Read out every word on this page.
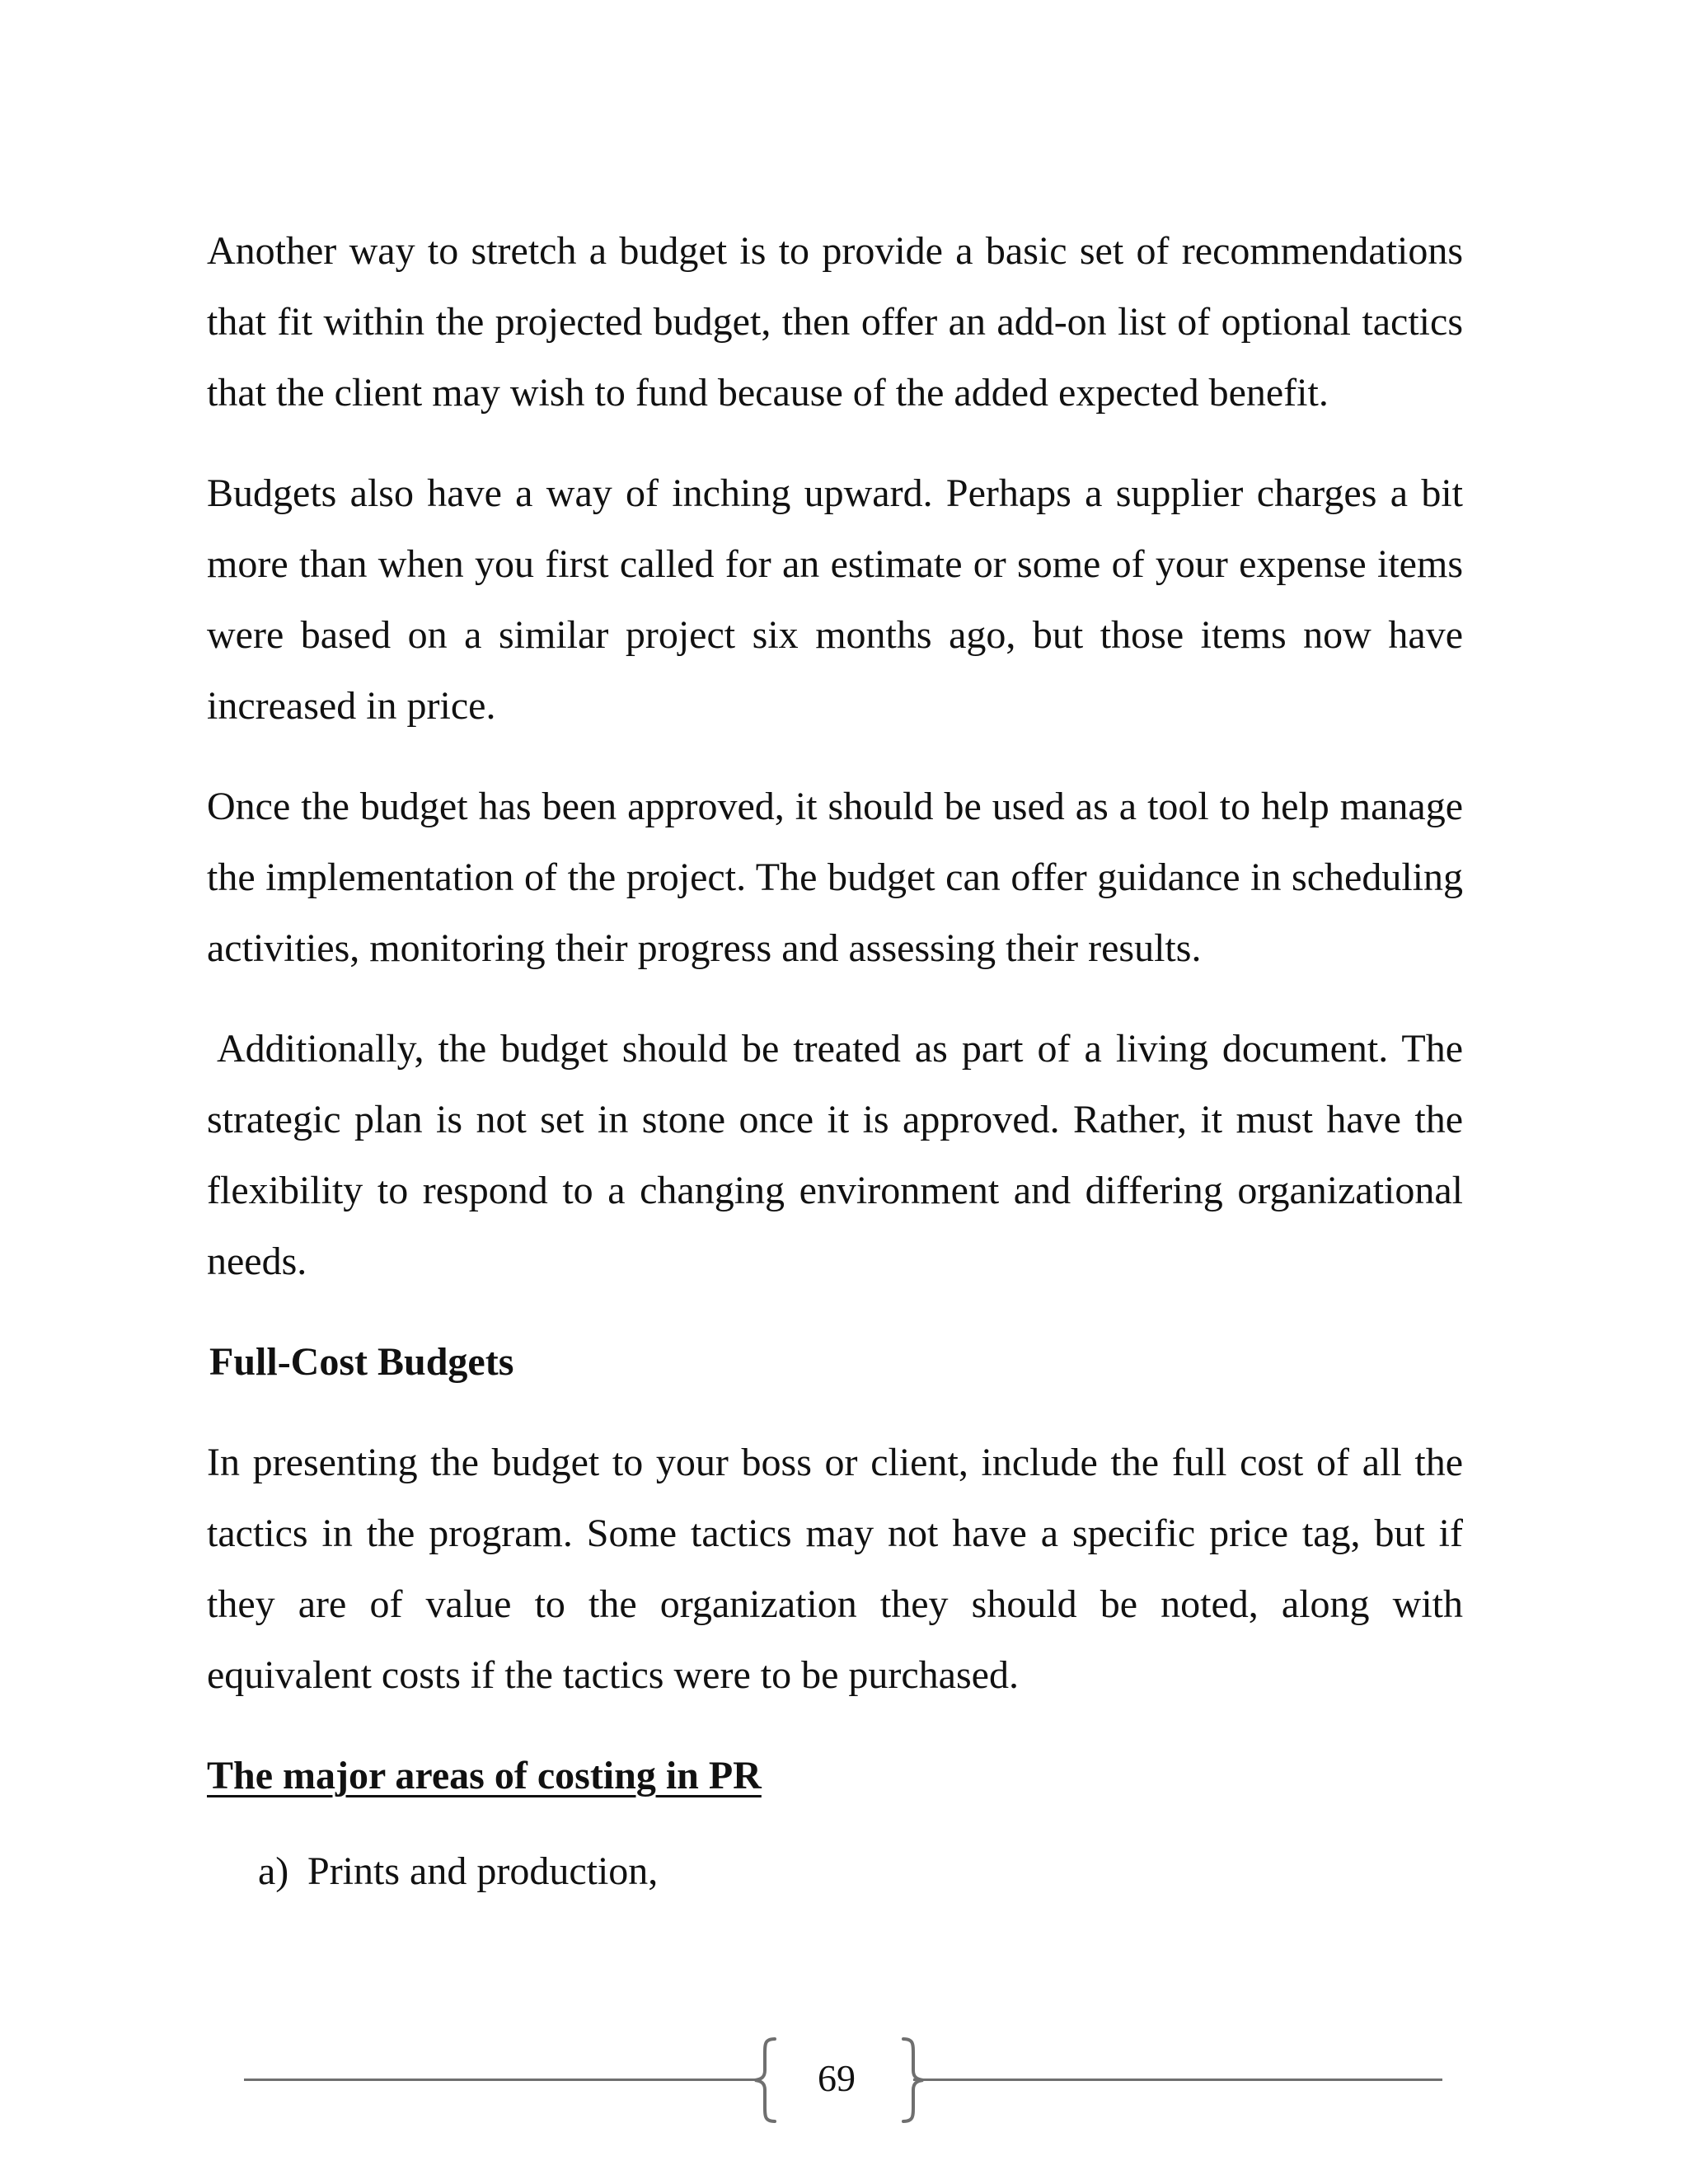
Another way to stretch a budget is to provide a basic set of recommendations that fit within the projected budget, then offer an add-on list of optional tactics that the client may wish to fund because of the added expected benefit.

Budgets also have a way of inching upward. Perhaps a supplier charges a bit more than when you first called for an estimate or some of your expense items were based on a similar project six months ago, but those items now have increased in price.

Once the budget has been approved, it should be used as a tool to help manage the implementation of the project. The budget can offer guidance in scheduling activities, monitoring their progress and assessing their results.

Additionally, the budget should be treated as part of a living document. The strategic plan is not set in stone once it is approved. Rather, it must have the flexibility to respond to a changing environment and differing organizational needs.

Full-Cost Budgets

In presenting the budget to your boss or client, include the full cost of all the tactics in the program. Some tactics may not have a specific price tag, but if they are of value to the organization they should be noted, along with equivalent costs if the tactics were to be purchased.

The major areas of costing in PR
a) Prints and production,
69
